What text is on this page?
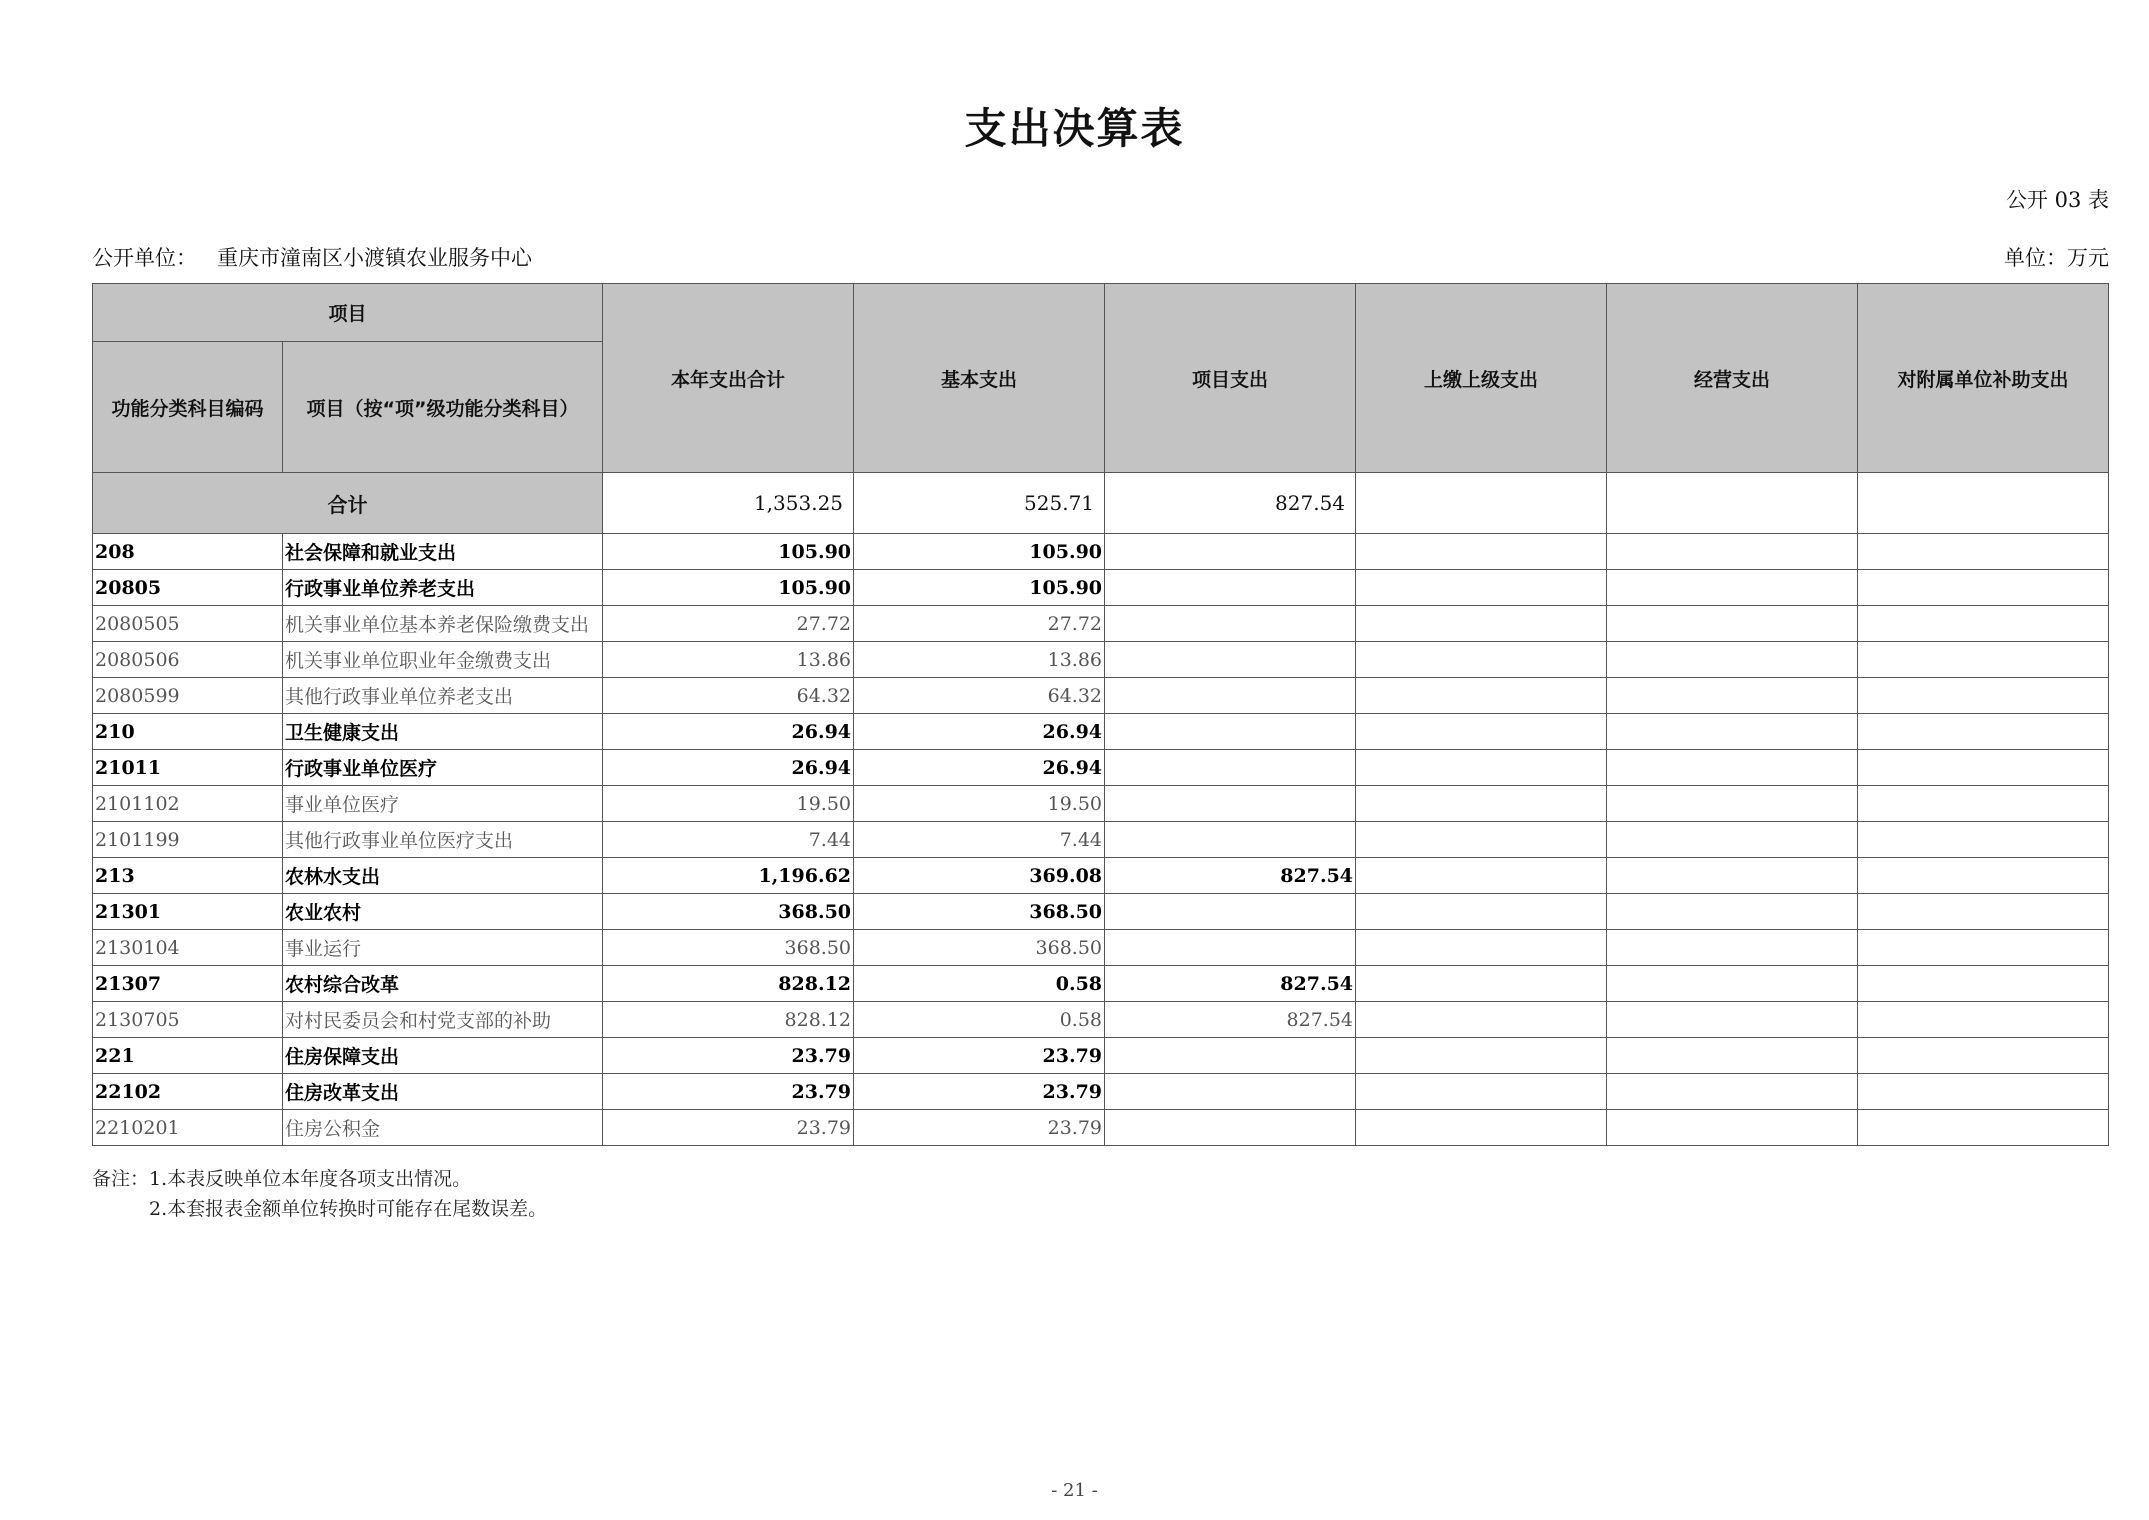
支出决算表
公开 03 表
公开单位： 重庆市潼南区小渡镇农业服务中心	单位：万元
项目		本年支出合计	基本支出	项目支出	上缴上级支出	经营支出	对附属单位补助支出
功能分类科目编码	项目（按“项”级功能分类科目）						
合计		1,353.25	525.71	827.54			
208	社会保障和就业支出	105.90	105.90				
20805	行政事业单位养老支出	105.90	105.90				
2080505	机关事业单位基本养老保险缴费支出	27.72	27.72				
2080506	机关事业单位职业年金缴费支出	13.86	13.86				
2080599	其他行政事业单位养老支出	64.32	64.32				
210	卫生健康支出	26.94	26.94				
21011	行政事业单位医疗	26.94	26.94				
2101102	事业单位医疗	19.50	19.50				
2101199	其他行政事业单位医疗支出	7.44	7.44				
213	农林水支出	1,196.62	369.08	827.54			
21301	农业农村	368.50	368.50				
2130104	事业运行	368.50	368.50				
21307	农村综合改革	828.12	0.58	827.54			
2130705	对村民委员会和村党支部的补助	828.12	0.58	827.54			
221	住房保障支出	23.79	23.79				
22102	住房改革支出	23.79	23.79				
2210201	住房公积金	23.79	23.79				
备注：1.本表反映单位本年度各项支出情况。
2.本套报表金额单位转换时可能存在尾数误差。
- 21 -
